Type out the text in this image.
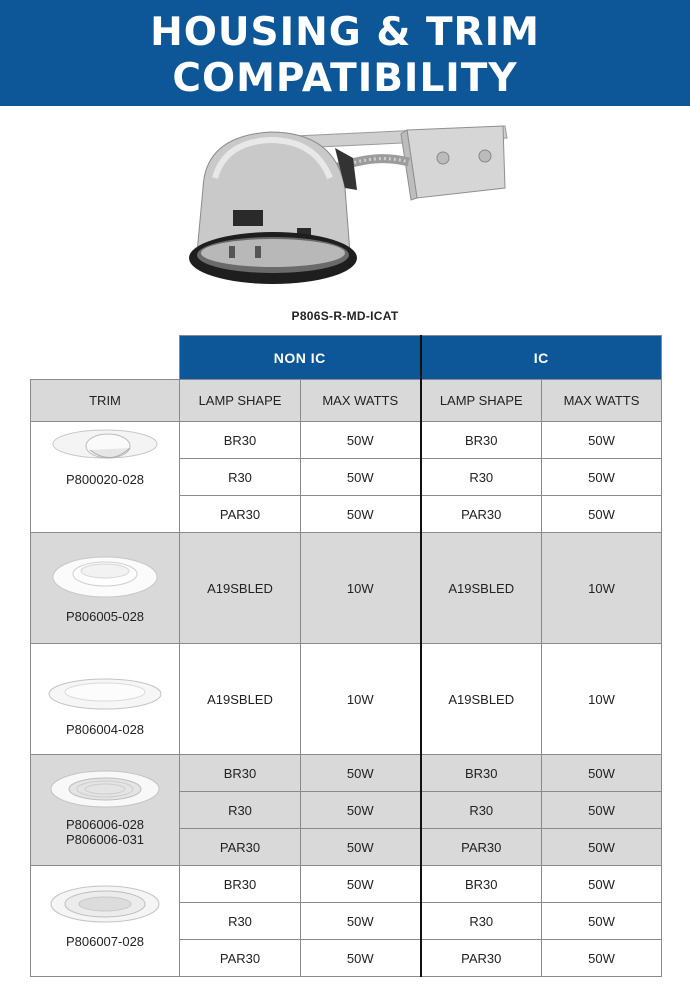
HOUSING & TRIM
COMPATIBILITY
P806S-R-MD-ICAT
	NON IC		IC	
TRIM	LAMP SHAPE	MAX WATTS	LAMP SHAPE	MAX WATTS

P800020-028	BR30	50W	BR30	50W
	R30	50W	R30	50W
	PAR30	50W	PAR30	50W

P806005-028	A19SBLED	10W	A19SBLED	10W

P806004-028	A19SBLED	10W	A19SBLED	10W

P806006-028
P806006-031	BR30	50W	BR30	50W
	R30	50W	R30	50W
	PAR30	50W	PAR30	50W

P806007-028	BR30	50W	BR30	50W
	R30	50W	R30	50W
	PAR30	50W	PAR30	50W
